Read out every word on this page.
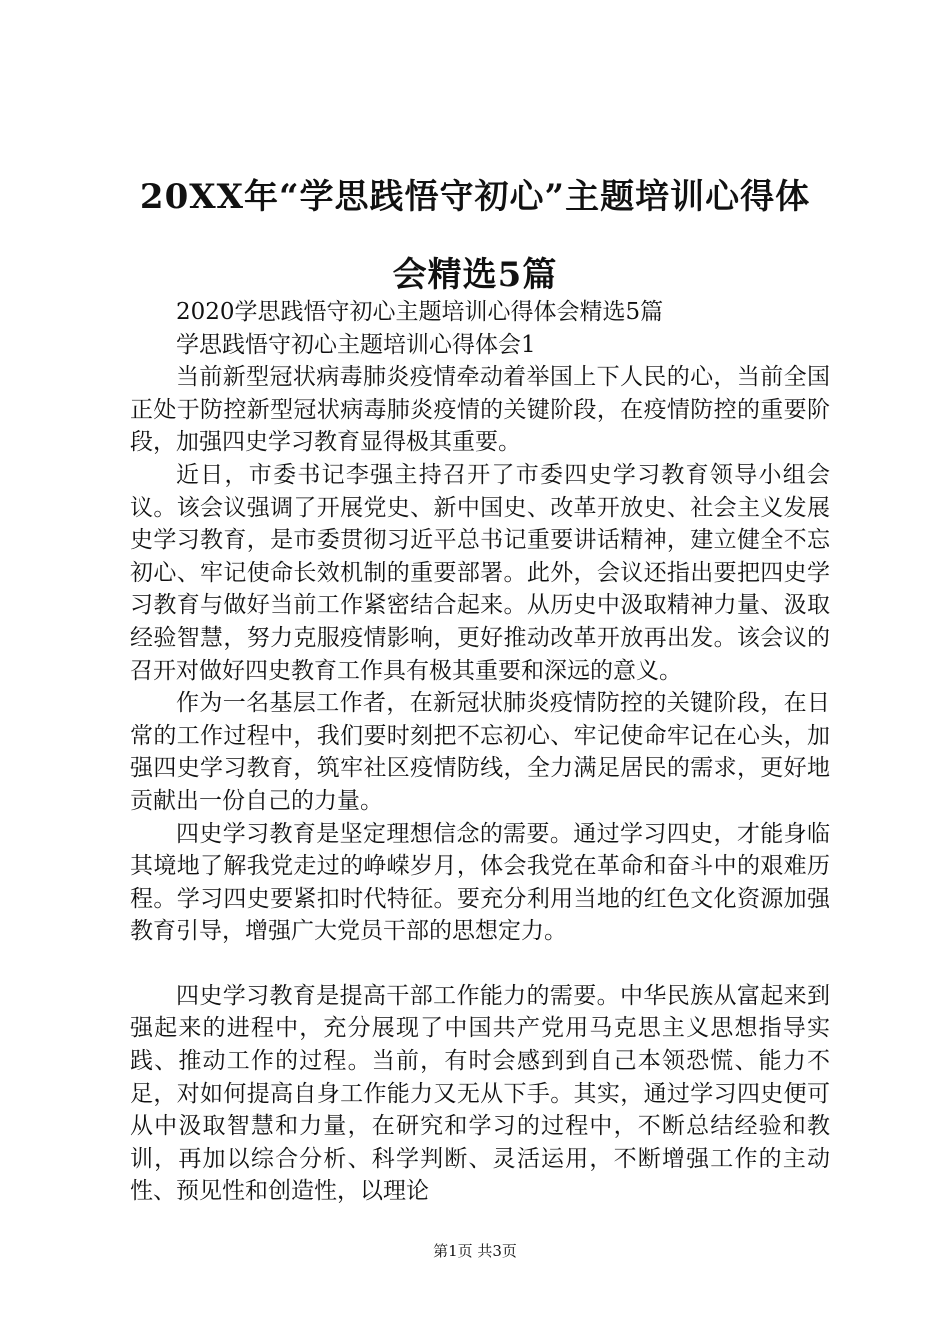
20XX年“学思践悟守初心”主题培训心得体
会精选5篇

2020学思践悟守初心主题培训心得体会精选5篇

学思践悟守初心主题培训心得体会1

当前新型冠状病毒肺炎疫情牵动着举国上下人民的心，当前全国正处于防控新型冠状病毒肺炎疫情的关键阶段，在疫情防控的重要阶段，加强四史学习教育显得极其重要。

近日，市委书记李强主持召开了市委四史学习教育领导小组会议。该会议强调了开展党史、新中国史、改革开放史、社会主义发展史学习教育，是市委贯彻习近平总书记重要讲话精神，建立健全不忘初心、牢记使命长效机制的重要部署。此外，会议还指出要把四史学习教育与做好当前工作紧密结合起来。从历史中汲取精神力量、汲取经验智慧，努力克服疫情影响，更好推动改革开放再出发。该会议的召开对做好四史教育工作具有极其重要和深远的意义。

作为一名基层工作者，在新冠状肺炎疫情防控的关键阶段，在日常的工作过程中，我们要时刻把不忘初心、牢记使命牢记在心头，加强四史学习教育，筑牢社区疫情防线，全力满足居民的需求，更好地贡献出一份自己的力量。

四史学习教育是坚定理想信念的需要。通过学习四史，才能身临其境地了解我党走过的峥嵘岁月，体会我党在革命和奋斗中的艰难历程。学习四史要紧扣时代特征。要充分利用当地的红色文化资源加强教育引导，增强广大党员干部的思想定力。

四史学习教育是提高干部工作能力的需要。中华民族从富起来到强起来的进程中，充分展现了中国共产党用马克思主义思想指导实践、推动工作的过程。当前，有时会感到到自己本领恐慌、能力不足，对如何提高自身工作能力又无从下手。其实，通过学习四史便可从中汲取智慧和力量，在研究和学习的过程中，不断总结经验和教训，再加以综合分析、科学判断、灵活运用，不断增强工作的主动性、预见性和创造性，以理论

第1页 共3页
